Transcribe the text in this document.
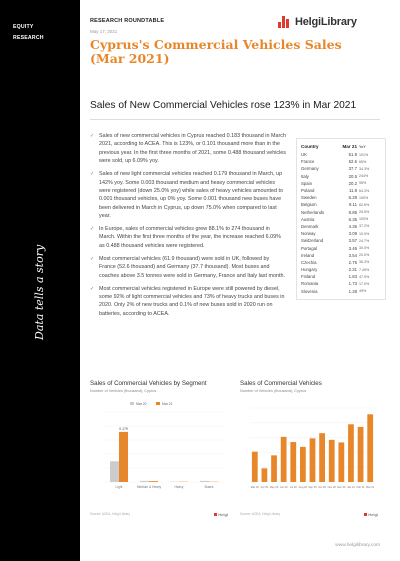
EQUITY
RESEARCH
Data tells a story
RESEARCH ROUNDTABLE
May 17, 2021
HelgiLibrary
Cyprus's Commercial Vehicles Sales (Mar 2021)
Sales of New Commercial Vehicles rose 123% in Mar 2021
✓ Sales of new commercial vehicles in Cyprus reached 0.183 thousand in March 2021, according to ACEA. This is 123%, or 0.101 thousand more than in the previous year. In the first three months of 2021, some 0.488 thousand vehicles were sold, up 6.09% yoy.
✓ Sales of new light commercial vehicles reached 0.179 thousand in March, up 142% yoy. Some 0.003 thousand medium and heavy commercial vehicles were registered (down 25.0% yoy) while sales of heavy vehicles amounted to 0.001 thousand vehicles, up 0% yoy. Some 0.001 thousand new buses have been delivered in March in Cyprus, up down 75.0% when compared to last year.
✓ In Europe, sales of commercial vehicles grew 88.1% to 274 thousand in March. Within the first three months of the year, the increase reached 6.09% as 0.488 thousand vehicles were registered.
✓ Most commercial vehicles (61.9 thousand) were sold in UK, followed by France (52.6 thousand) and Germany (37.7 thousand). Most buses and coaches above 3.5 tonnes were sold in Germany, France and Italy last month.
✓ Most commercial vehicles registered in Europe were still powered by diesel, some 92% of light commercial vehicles and 73% of heavy trucks and buses in 2020. Only 2% of new trucks and 0.1% of new buses sold in 2020 run on batteries, according to ACEA.
Country	Mar 21 YoY
UK	61.9 101%
France	52.6 65%
Germany	37.7 34.3%
Italy	20.5 244%
Spain	20.2 95%
Poland	11.8 64.3%
Sweden	6.28 150%
Belgium	9.11 62.6%
Netherlands	8.85 25.5%
Austria	6.35 100%
Denmark	4.35 37.2%
Norway	3.09 10.0%
Switzerland	3.57 24.7%
Portugal	3.46 30.0%
Ireland	3.54 20.0%
Czechia	2.75 36.3%
Hungary	2.31 7.49%
Finland	1.83 47.9%
Romania	1.73 17.0%
Slovenia	1.28 49%
Sales of Commercial Vehicles by Segment
Number of Vehicles (thousand), Cyprus
Mar 20	Mar 21
Light	Medium & Heavy	Heavy	Buses
0.179
Source: ACEA, Helgi Library	Helgi
Sales of Commercial Vehicles
Number of Vehicles (thousand), Cyprus
Mar 20 Apr 20 May 20 Jun 20 Jul 20 Aug 20 Sep 20 Oct 20 Nov 20 Dec 20 Jan 21 Feb 21 Mar 21
Source: ACEA, Helgi Library	Helgi
www.helgilibrary.com
